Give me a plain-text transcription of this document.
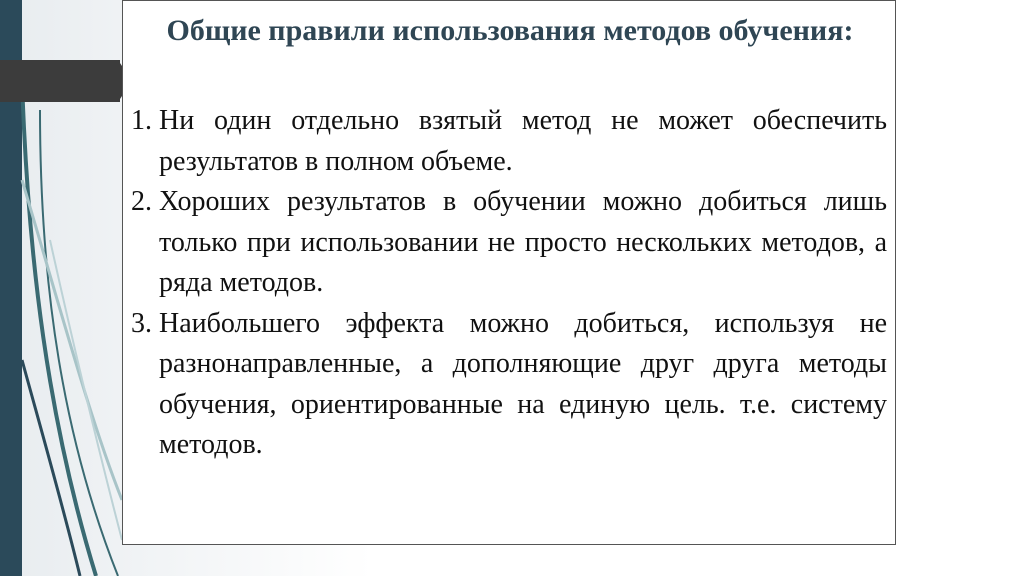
Общие правили использования методов обучения:
1. Ни один отдельно взятый метод не может обеспечить результатов в полном объеме.
2. Хороших результатов в обучении можно добиться лишь только при использовании не просто нескольких методов, а ряда методов.
3. Наибольшего эффекта можно добиться, используя не разнонаправленные, а дополняющие друг друга методы обучения, ориентированные на единую цель. т.е. систему методов.
